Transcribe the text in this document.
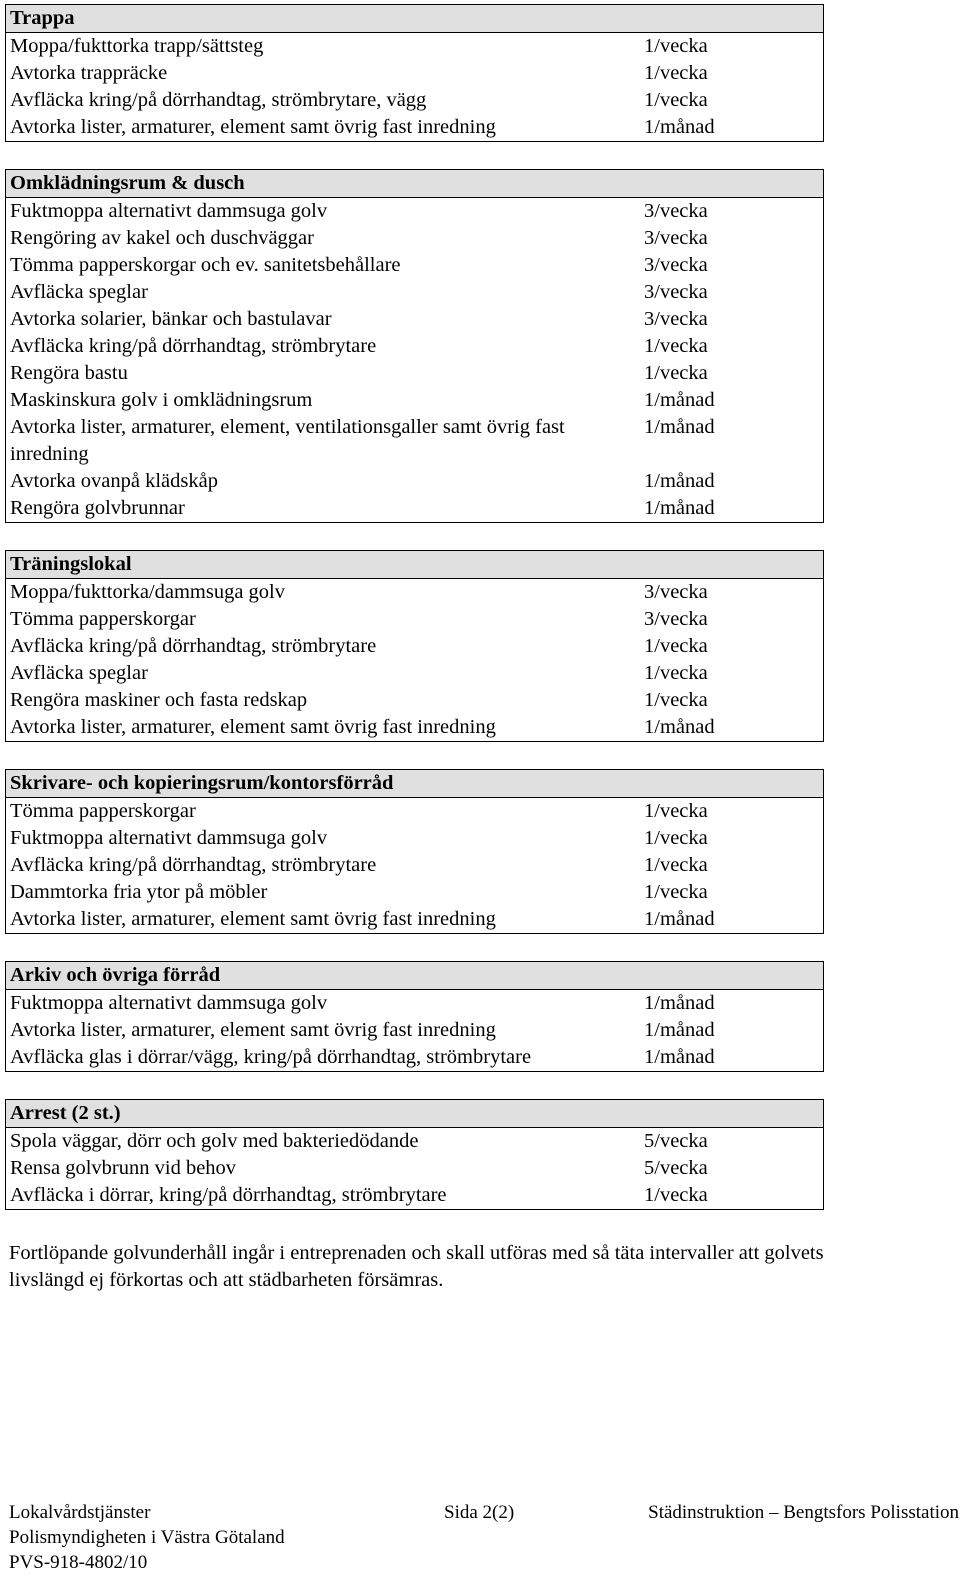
Trappa	
Moppa/fukttorka trapp/sättsteg	1/vecka
Avtorka trappräcke	1/vecka
Avfläcka kring/på dörrhandtag, strömbrytare, vägg	1/vecka
Avtorka lister, armaturer, element samt övrig fast inredning	1/månad
Omklädningsrum & dusch	
Fuktmoppa alternativt dammsuga golv	3/vecka
Rengöring av kakel och duschväggar	3/vecka
Tömma papperskorgar och ev. sanitetsbehållare	3/vecka
Avfläcka speglar	3/vecka
Avtorka solarier, bänkar och bastulavar	3/vecka
Avfläcka kring/på dörrhandtag, strömbrytare	1/vecka
Rengöra bastu	1/vecka
Maskinskura golv i omklädningsrum	1/månad
Avtorka lister, armaturer, element, ventilationsgaller samt övrig fast inredning	1/månad
Avtorka ovanpå klädskåp	1/månad
Rengöra golvbrunnar	1/månad
Träningslokal	
Moppa/fukttorka/dammsuga golv	3/vecka
Tömma papperskorgar	3/vecka
Avfläcka kring/på dörrhandtag, strömbrytare	1/vecka
Avfläcka speglar	1/vecka
Rengöra maskiner och fasta redskap	1/vecka
Avtorka lister, armaturer, element samt övrig fast inredning	1/månad
Skrivare- och kopieringsrum/kontorsförråd	
Tömma papperskorgar	1/vecka
Fuktmoppa alternativt dammsuga golv	1/vecka
Avfläcka kring/på dörrhandtag, strömbrytare	1/vecka
Dammtorka fria ytor på möbler	1/vecka
Avtorka lister, armaturer, element samt övrig fast inredning	1/månad
Arkiv och övriga förråd	
Fuktmoppa alternativt dammsuga golv	1/månad
Avtorka lister, armaturer, element samt övrig fast inredning	1/månad
Avfläcka glas i dörrar/vägg, kring/på dörrhandtag, strömbrytare	1/månad
Arrest (2 st.)	
Spola väggar, dörr och golv med bakteriedödande	5/vecka
Rensa golvbrunn vid behov	5/vecka
Avfläcka i dörrar, kring/på dörrhandtag, strömbrytare	1/vecka
Fortlöpande golvunderhåll ingår i entreprenaden och skall utföras med så täta intervaller att golvets livslängd ej förkortas och att städbarheten försämras.
Lokalvårdstjänster	Sida 2(2)	Städinstruktion – Bengtsfors Polisstation
Polismyndigheten i Västra Götaland
PVS-918-4802/10
